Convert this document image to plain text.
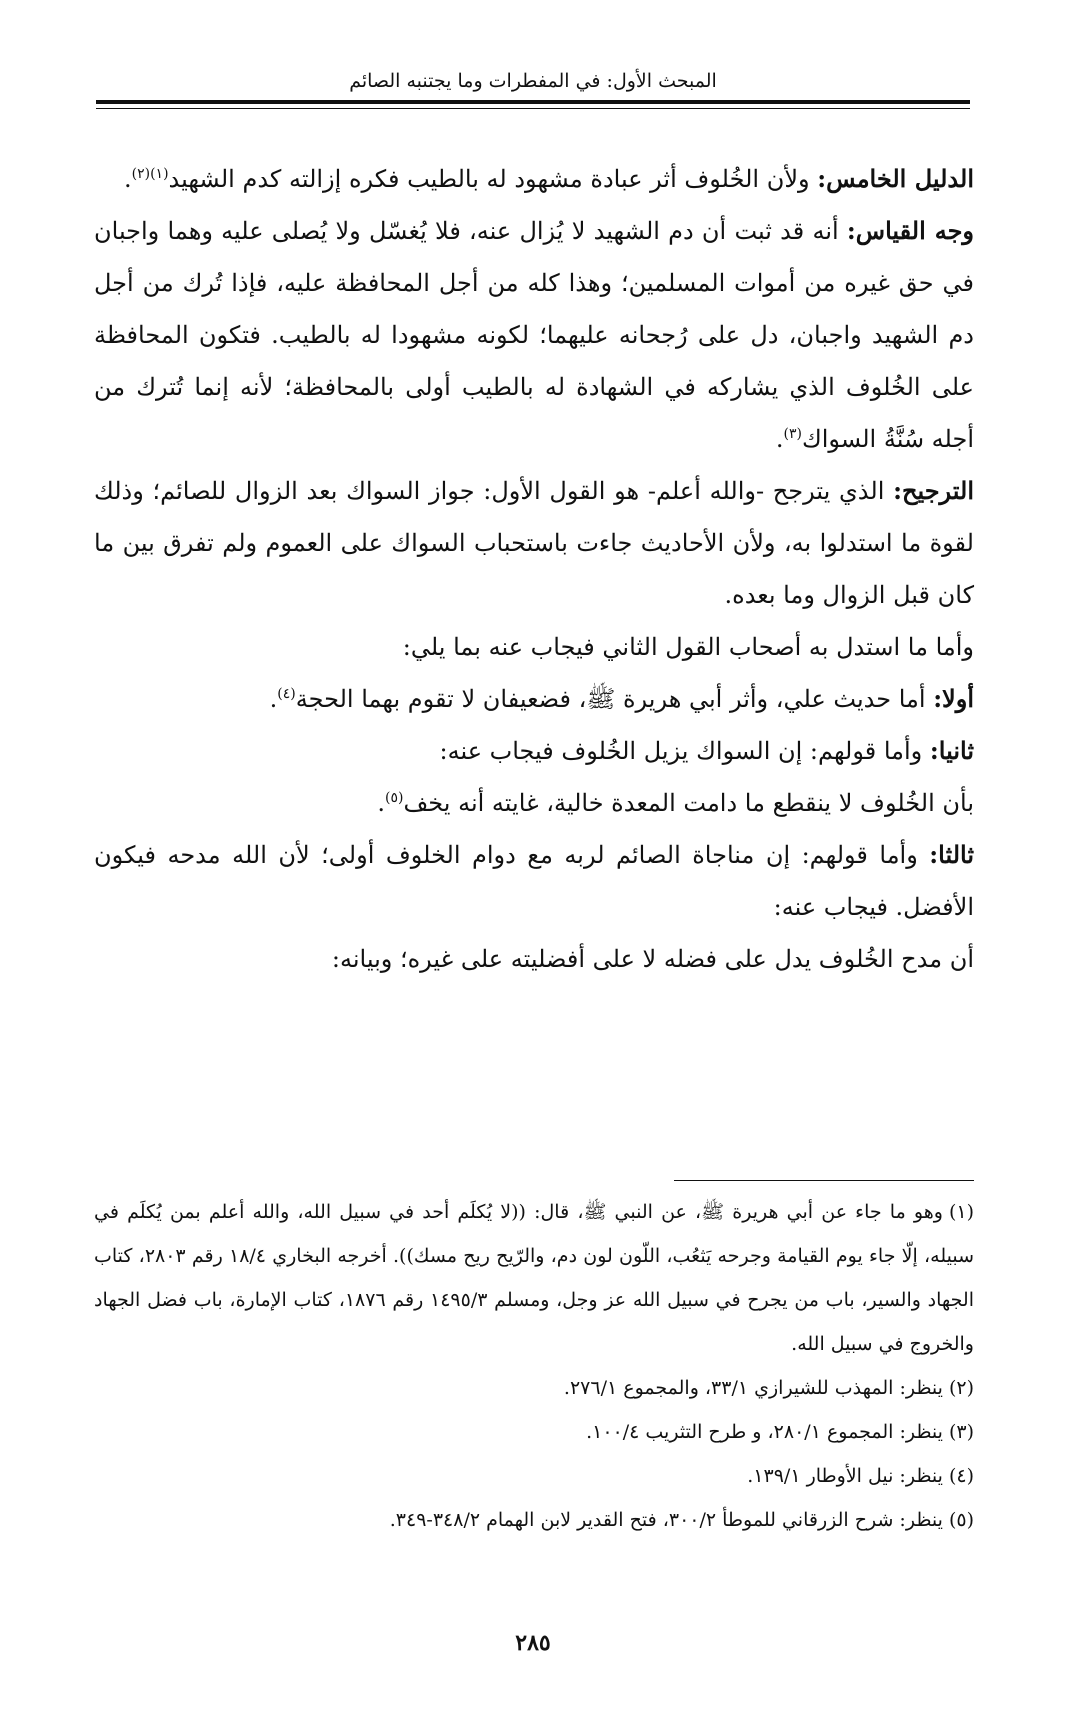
المبحث الأول: في المفطرات وما يجتنبه الصائم

الدليل الخامس: ولأن الخُلوف أثر عبادة مشهود له بالطيب فكره إزالته كدم الشهيد$^{(١)(٢)}$.

وجه القياس: أنه قد ثبت أن دم الشهيد لا يُزال عنه، فلا يُغسّل ولا يُصلى عليه وهما واجبان في حق غيره من أموات المسلمين؛ وهذا كله من أجل المحافظة عليه، فإذا تُرك من أجل دم الشهيد واجبان، دل على رُجحانه عليهما؛ لكونه مشهودا له بالطيب. فتكون المحافظة على الخُلوف الذي يشاركه في الشهادة له بالطيب أولى بالمحافظة؛ لأنه إنما تُترك من أجله سُنَّةُ السواك$^{(٣)}$.

الترجيح: الذي يترجح -والله أعلم- هو القول الأول: جواز السواك بعد الزوال للصائم؛ وذلك لقوة ما استدلوا به، ولأن الأحاديث جاءت باستحباب السواك على العموم ولم تفرق بين ما كان قبل الزوال وما بعده.

وأما ما استدل به أصحاب القول الثاني فيجاب عنه بما يلي:

أولا: أما حديث علي، وأثر أبي هريرة ﷺ، فضعيفان لا تقوم بهما الحجة$^{(٤)}$.

ثانيا: وأما قولهم: إن السواك يزيل الخُلوف فيجاب عنه:

بأن الخُلوف لا ينقطع ما دامت المعدة خالية، غايته أنه يخف$^{(٥)}$.

ثالثا: وأما قولهم: إن مناجاة الصائم لربه مع دوام الخلوف أولى؛ لأن الله مدحه فيكون الأفضل. فيجاب عنه:

أن مدح الخُلوف يدل على فضله لا على أفضليته على غيره؛ وبيانه:

(١)وهو ما جاء عن أبي هريرة ﷺ، عن النبي ﷺ، قال: ((لا يُكلَم أحد في سبيل الله، والله أعلم بمن يُكلَم في سبيله، إلّا جاء يوم القيامة وجرحه يَثعُب، اللّون لون دم، والرّيح ريح مسك)). أخرجه البخاري ١٨/٤ رقم ٢٨٠٣، كتاب الجهاد والسير، باب من يجرح في سبيل الله عز وجل، ومسلم ١٤٩٥/٣ رقم ١٨٧٦، كتاب الإمارة، باب فضل الجهاد والخروج في سبيل الله.

(٢)ينظر: المهذب للشيرازي ٣٣/١، والمجموع ٢٧٦/١.

(٣)ينظر: المجموع ٢٨٠/١، و طرح التثريب ١٠٠/٤.

(٤)ينظر: نيل الأوطار ١٣٩/١.

(٥)ينظر: شرح الزرقاني للموطأ ٣٠٠/٢، فتح القدير لابن الهمام ٣٤٨/٢-٣٤٩.

٢٨٥
